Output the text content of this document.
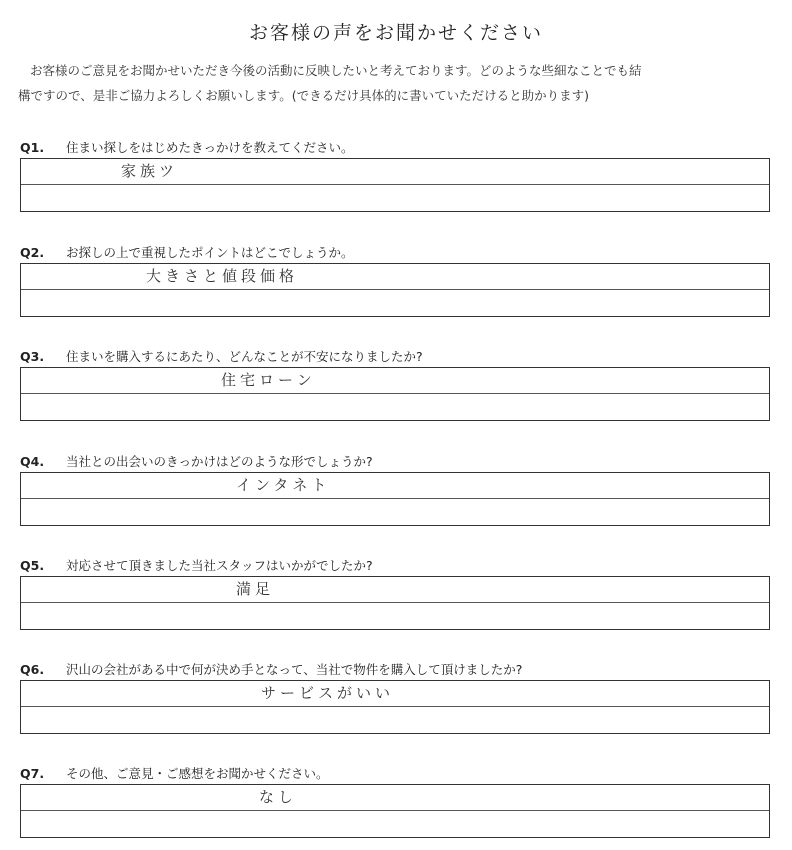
お客様の声をお聞かせください
お客様のご意見をお聞かせいただき今後の活動に反映したいと考えております。どのような些細なことでも結
構ですので、是非ご協力よろしくお願いします。(できるだけ具体的に書いていただけると助かります)
Q1. 住まい探しをはじめたきっかけを教えてください。
家族ツ
Q2. お探しの上で重視したポイントはどこでしょうか。
大きさと値段価格
Q3. 住まいを購入するにあたり、どんなことが不安になりましたか?
住宅ローン
Q4. 当社との出会いのきっかけはどのような形でしょうか?
インタネト
Q5. 対応させて頂きました当社スタッフはいかがでしたか?
満足
Q6. 沢山の会社がある中で何が決め手となって、当社で物件を購入して頂けましたか?
サービスがいい
Q7. その他、ご意見・ご感想をお聞かせください。
なし
